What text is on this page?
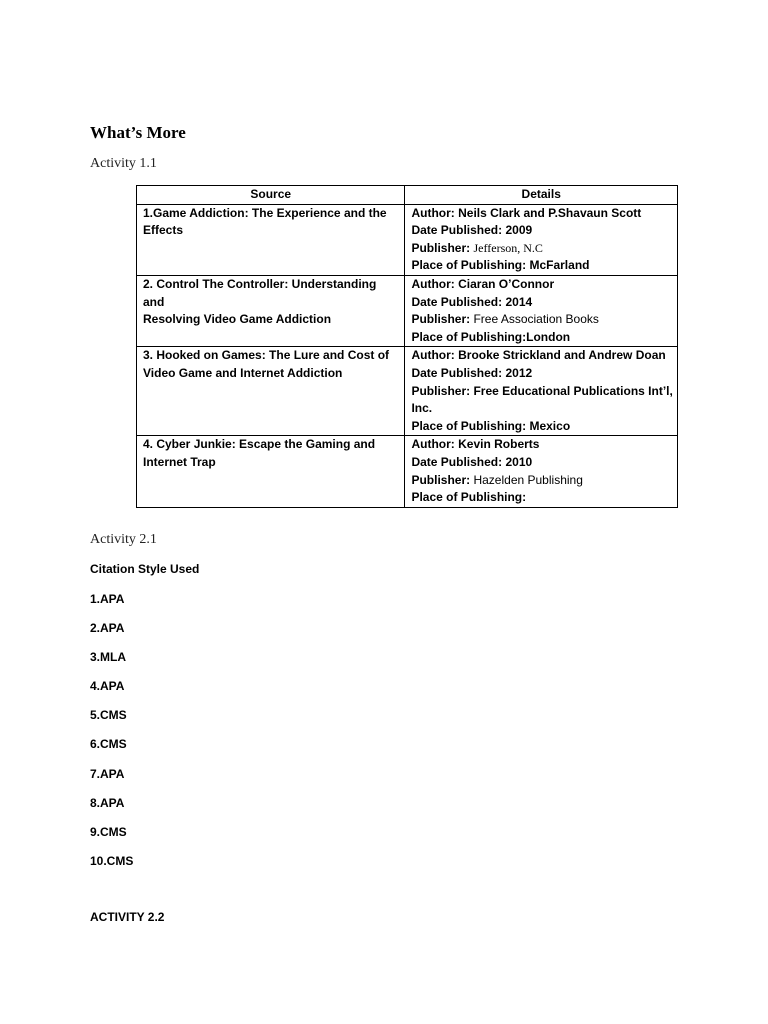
What’s More
Activity 1.1
Source	Details

1.Game Addiction: The Experience and the
Effects	Author: Neils Clark and P.Shavaun Scott
Date Published: 2009
Publisher: Jefferson, N.C
Place of Publishing: McFarland

2. Control The Controller: Understanding and
Resolving Video Game Addiction	Author: Ciaran O’Connor
Date Published: 2014
Publisher: Free Association Books
Place of Publishing:London

3. Hooked on Games: The Lure and Cost of
Video Game and Internet Addiction	Author: Brooke Strickland and Andrew Doan
Date Published: 2012
Publisher: Free Educational Publications Int’l, Inc.
Place of Publishing: Mexico

4. Cyber Junkie: Escape the Gaming and
Internet Trap	Author: Kevin Roberts
Date Published: 2010
Publisher: Hazelden Publishing
Place of Publishing:
Activity 2.1

Citation Style Used

1.APA
2.APA
3.MLA
4.APA
5.CMS
6.CMS
7.APA
8.APA
9.CMS
10.CMS

ACTIVITY 2.2
